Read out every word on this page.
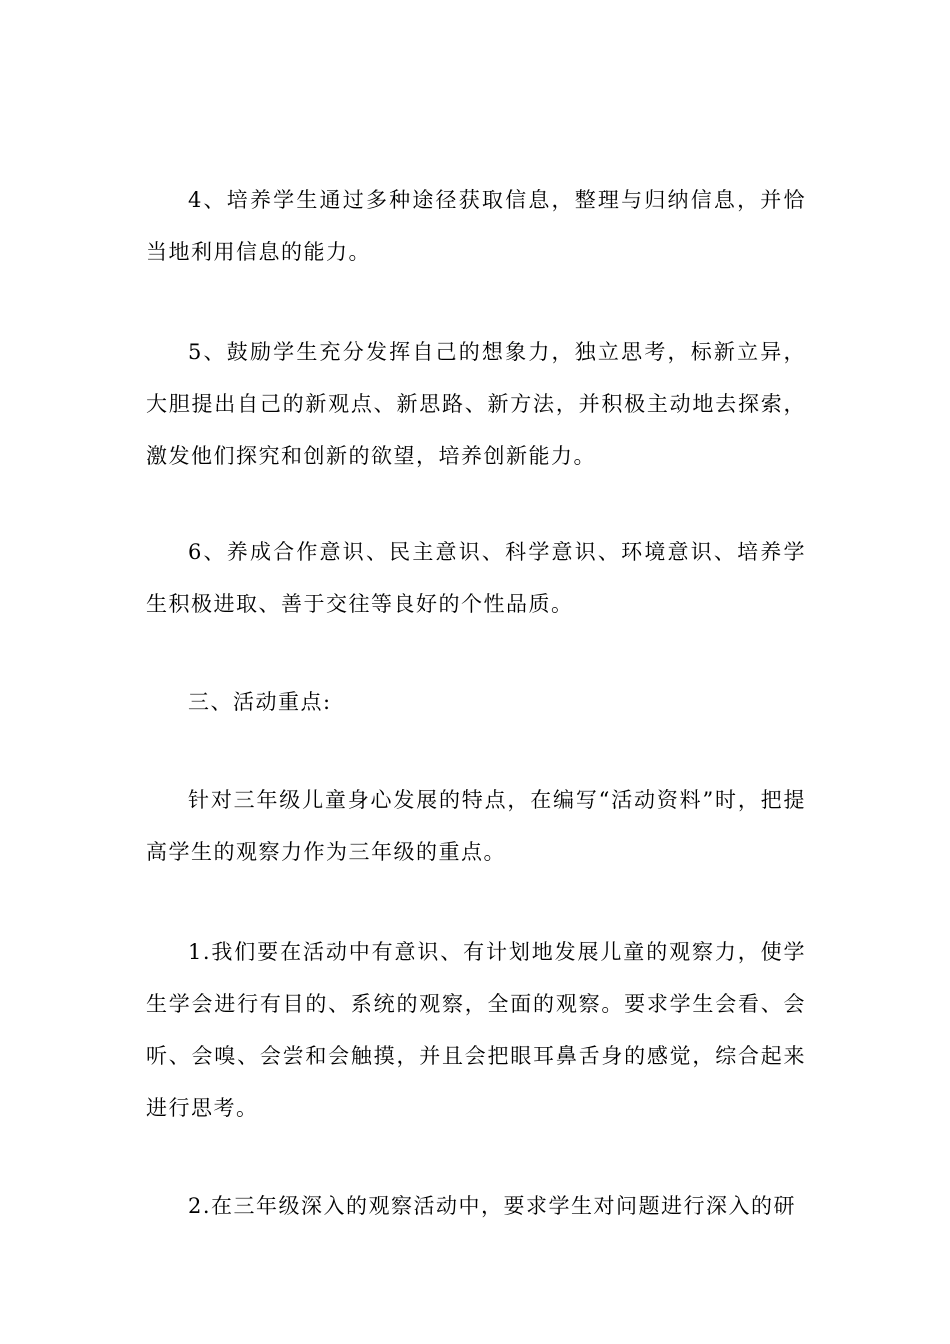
4、培养学生通过多种途径获取信息，整理与归纳信息，并恰当地利用信息的能力。

5、鼓励学生充分发挥自己的想象力，独立思考，标新立异，大胆提出自己的新观点、新思路、新方法，并积极主动地去探索，激发他们探究和创新的欲望，培养创新能力。

6、养成合作意识、民主意识、科学意识、环境意识、培养学生积极进取、善于交往等良好的个性品质。

三、活动重点:

针对三年级儿童身心发展的特点，在编写“活动资料”时，把提高学生的观察力作为三年级的重点。

1.我们要在活动中有意识、有计划地发展儿童的观察力，使学生学会进行有目的、系统的观察，全面的观察。要求学生会看、会听、会嗅、会尝和会触摸，并且会把眼耳鼻舌身的感觉，综合起来进行思考。

2.在三年级深入的观察活动中，要求学生对问题进行深入的研
